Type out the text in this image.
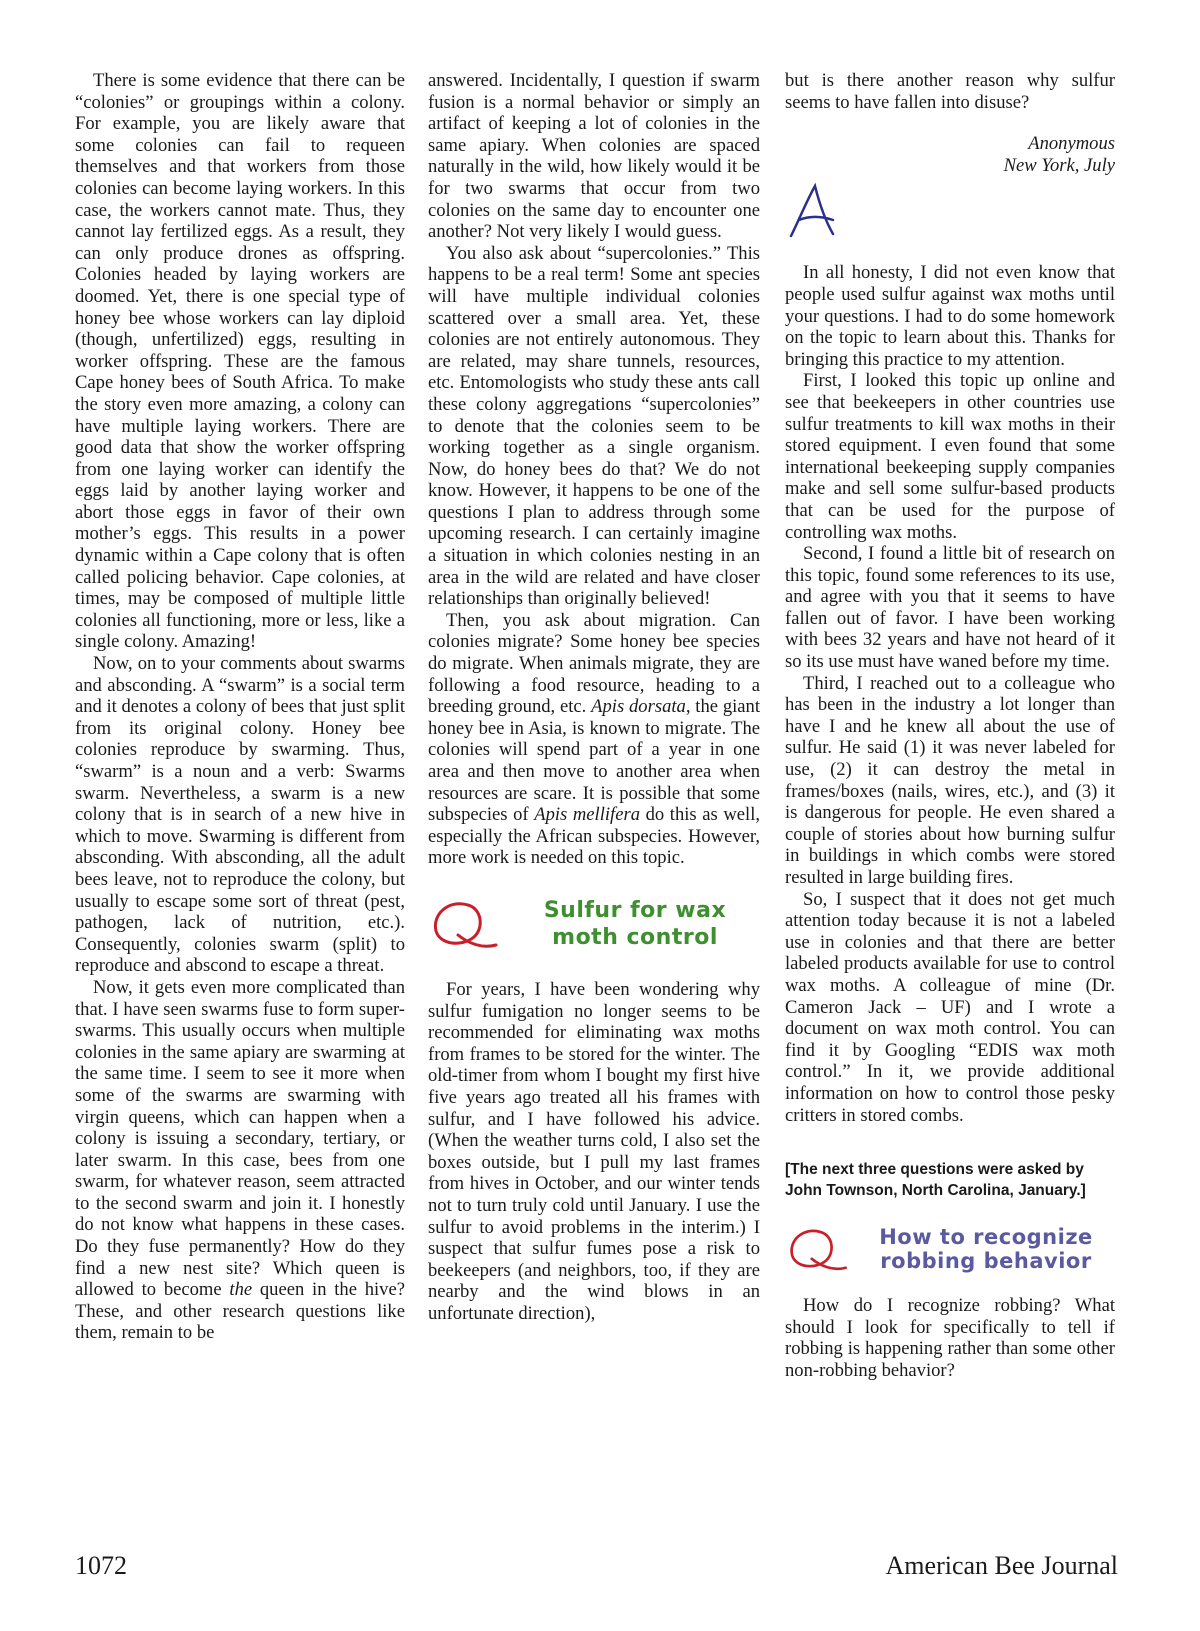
There is some evidence that there can be “colonies” or groupings within a colony. For example, you are likely aware that some colonies can fail to requeen themselves and that workers from those colonies can become laying workers. In this case, the workers cannot mate. Thus, they cannot lay fertilized eggs. As a result, they can only produce drones as offspring. Colonies headed by laying workers are doomed. Yet, there is one special type of honey bee whose workers can lay diploid (though, unfertilized) eggs, resulting in worker offspring. These are the famous Cape honey bees of South Africa. To make the story even more amazing, a colony can have multiple laying workers. There are good data that show the worker offspring from one laying worker can identify the eggs laid by another laying worker and abort those eggs in favor of their own mother’s eggs. This results in a power dynamic within a Cape colony that is often called policing behavior. Cape colonies, at times, may be composed of multiple little colonies all functioning, more or less, like a single colony. Amazing!

Now, on to your comments about swarms and absconding. A “swarm” is a social term and it denotes a colony of bees that just split from its original colony. Honey bee colonies reproduce by swarming. Thus, “swarm” is a noun and a verb: Swarms swarm. Nevertheless, a swarm is a new colony that is in search of a new hive in which to move. Swarming is different from absconding. With absconding, all the adult bees leave, not to reproduce the colony, but usually to escape some sort of threat (pest, pathogen, lack of nutrition, etc.). Consequently, colonies swarm (split) to reproduce and abscond to escape a threat.

Now, it gets even more complicated than that. I have seen swarms fuse to form super-swarms. This usually occurs when multiple colonies in the same apiary are swarming at the same time. I seem to see it more when some of the swarms are swarming with virgin queens, which can happen when a colony is issuing a secondary, tertiary, or later swarm. In this case, bees from one swarm, for whatever reason, seem attracted to the second swarm and join it. I honestly do not know what happens in these cases. Do they fuse permanently? How do they find a new nest site? Which queen is allowed to become the queen in the hive? These, and other research questions like them, remain to be

answered. Incidentally, I question if swarm fusion is a normal behavior or simply an artifact of keeping a lot of colonies in the same apiary. When colonies are spaced naturally in the wild, how likely would it be for two swarms that occur from two colonies on the same day to encounter one another? Not very likely I would guess.

You also ask about “supercolonies.” This happens to be a real term! Some ant species will have multiple individual colonies scattered over a small area. Yet, these colonies are not entirely autonomous. They are related, may share tunnels, resources, etc. Entomologists who study these ants call these colony aggregations “supercolonies” to denote that the colonies seem to be working together as a single organism. Now, do honey bees do that? We do not know. However, it happens to be one of the questions I plan to address through some upcoming research. I can certainly imagine a situation in which colonies nesting in an area in the wild are related and have closer relationships than originally believed!

Then, you ask about migration. Can colonies migrate? Some honey bee species do migrate. When animals migrate, they are following a food resource, heading to a breeding ground, etc. Apis dorsata, the giant honey bee in Asia, is known to migrate. The colonies will spend part of a year in one area and then move to another area when resources are scare. It is possible that some subspecies of Apis mellifera do this as well, especially the African subspecies. However, more work is needed on this topic.

Sulfur for wax
moth control

For years, I have been wondering why sulfur fumigation no longer seems to be recommended for eliminating wax moths from frames to be stored for the winter. The old-timer from whom I bought my first hive five years ago treated all his frames with sulfur, and I have followed his advice. (When the weather turns cold, I also set the boxes outside, but I pull my last frames from hives in October, and our winter tends not to turn truly cold until January. I use the sulfur to avoid problems in the interim.) I suspect that sulfur fumes pose a risk to beekeepers (and neighbors, too, if they are nearby and the wind blows in an unfortunate direction),

but is there another reason why sulfur seems to have fallen into disuse?

Anonymous

New York, July

In all honesty, I did not even know that people used sulfur against wax moths until your questions. I had to do some homework on the topic to learn about this. Thanks for bringing this practice to my attention.

First, I looked this topic up online and see that beekeepers in other countries use sulfur treatments to kill wax moths in their stored equipment. I even found that some international beekeeping supply companies make and sell some sulfur-based products that can be used for the purpose of controlling wax moths.

Second, I found a little bit of research on this topic, found some references to its use, and agree with you that it seems to have fallen out of favor. I have been working with bees 32 years and have not heard of it so its use must have waned before my time.

Third, I reached out to a colleague who has been in the industry a lot longer than have I and he knew all about the use of sulfur. He said (1) it was never labeled for use, (2) it can destroy the metal in frames/boxes (nails, wires, etc.), and (3) it is dangerous for people. He even shared a couple of stories about how burning sulfur in buildings in which combs were stored resulted in large building fires.

So, I suspect that it does not get much attention today because it is not a labeled use in colonies and that there are better labeled products available for use to control wax moths. A colleague of mine (Dr. Cameron Jack – UF) and I wrote a document on wax moth control. You can find it by Googling “EDIS wax moth control.” In it, we provide additional information on how to control those pesky critters in stored combs.

[The next three questions were asked by John Townson, North Carolina, January.]

How to recognize
robbing behavior

How do I recognize robbing? What should I look for specifically to tell if robbing is happening rather than some other non-robbing behavior?

1072	American Bee Journal
